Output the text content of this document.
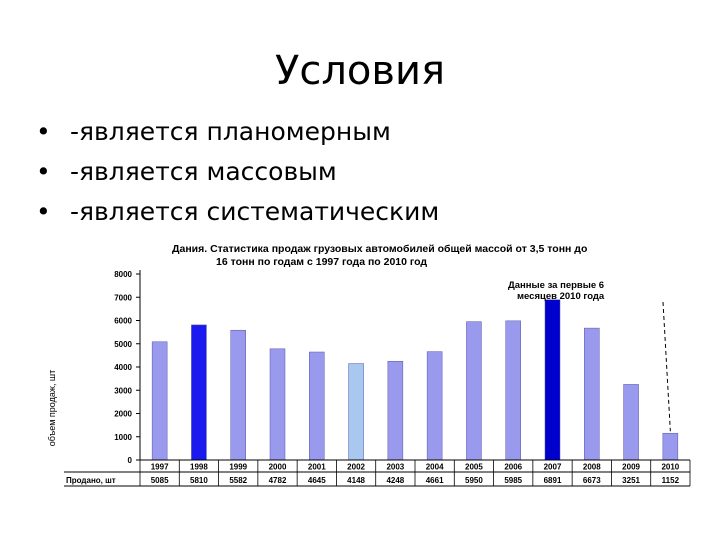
Условия
• -является планомерным
• -является массовым
• -является систематическим
Дания. Статистика продаж грузовых автомобилей общей массой от 3,5 тонн до
16 тонн по годам с 1997 года по 2010 год
объем продаж, шт
0
1000
2000
3000
4000
5000
6000
7000
8000
Данные за первые 6
месяцев 2010 года
Продано, шт
1997
5085
1998
5810
1999
5582
2000
4782
2001
4645
2002
4148
2003
4248
2004
4661
2005
5950
2006
5985
2007
6891
2008
6673
2009
3251
2010
1152
